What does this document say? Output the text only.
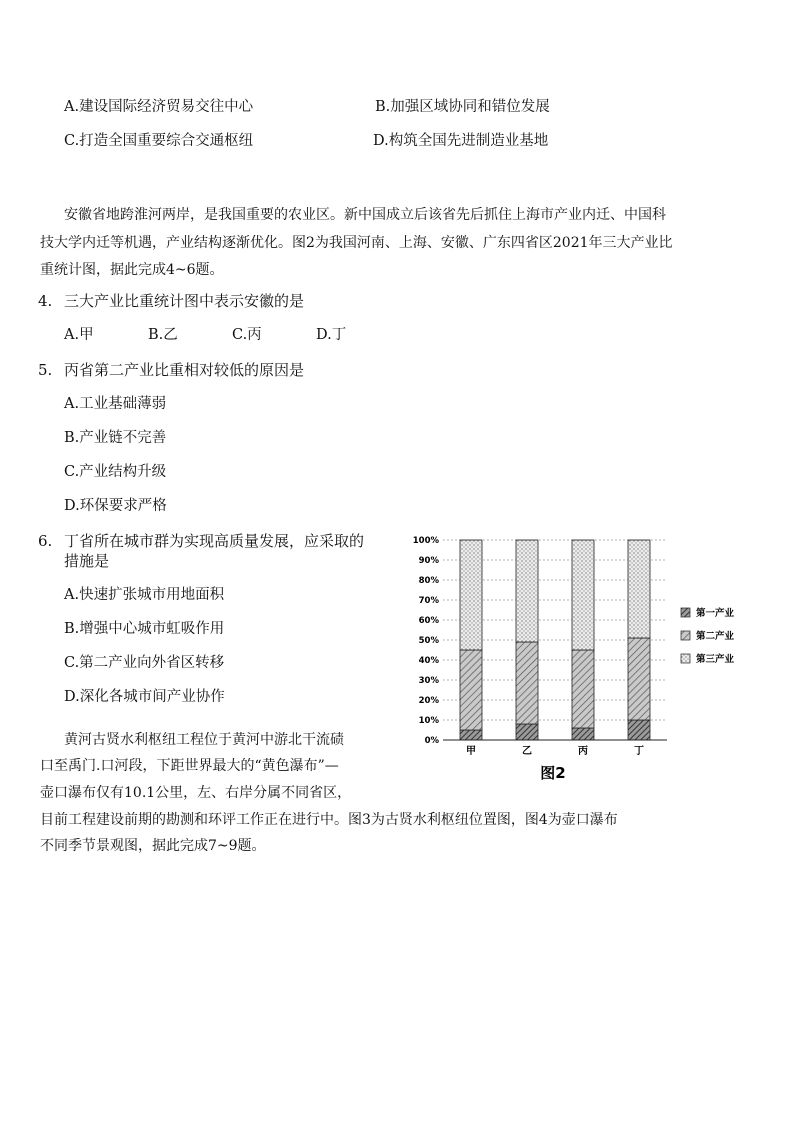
A.建设国际经济贸易交往中心	B.加强区域协同和错位发展
C.打造全国重要综合交通枢纽	D.构筑全国先进制造业基地
安徽省地跨淮河两岸，是我国重要的农业区。新中国成立后该省先后抓住上海市产业内迁、中国科
技大学内迁等机遇，产业结构逐渐优化。图2为我国河南、上海、安徽、广东四省区2021年三大产业比
重统计图，据此完成4~6题。
4. 三大产业比重统计图中表示安徽的是
A.甲	B.乙	C.丙	D.丁
5. 丙省第二产业比重相对较低的原因是
A.工业基础薄弱
B.产业链不完善
C.产业结构升级
D.环保要求严格
6. 丁省所在城市群为实现高质量发展，应采取的
措施是
A.快速扩张城市用地面积
B.增强中心城市虹吸作用
C.第二产业向外省区转移
D.深化各城市间产业协作
黄河古贤水利枢纽工程位于黄河中游北干流碛
口至禹门.口河段，下距世界最大的“黄色瀑布”—
壶口瀑布仅有10.1公里，左、右岸分属不同省区，
目前工程建设前期的勘测和环评工作正在进行中。图3为古贤水利枢纽位置图，图4为壶口瀑布
不同季节景观图，据此完成7~9题。
0%
10%
20%
30%
40%
50%
60%
70%
80%
90%
100%
甲	乙	丙	丁
第一产业
第二产业
第三产业
图2
